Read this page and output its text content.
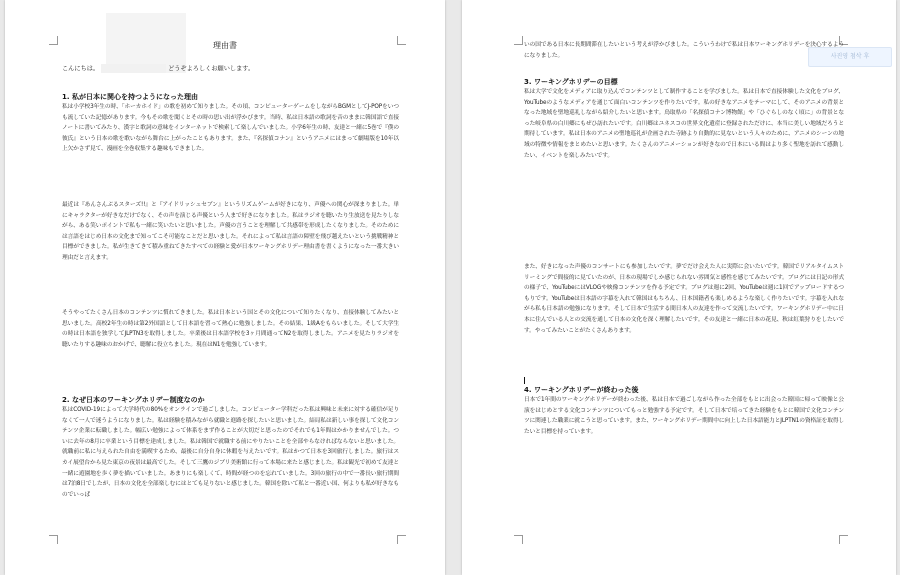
理由書
こんにちは。	どうぞよろしくお願いします。

1. 私が日本に関心を持つようになった理由

私は小学校3年生の時、「ホーカホイド」の歌を初めて知りました。その頃、コンピューターゲームをしながらBGMとしてJ-POPをいつも流していた記憶があります。今もその歌を聞くとその時の思い出が浮かびます。当時、私は日本語の歌詞を音のままに韓国語で直接ノートに書いてみたり、漢字と歌詞の意味をインターネットで検索して楽しんでいました。小学6年生の時、友達と一緒に5巻で『僕の彼氏』という日本の歌を歌いながら舞台に上がったこともあります。また、『名探偵コナン』というアニメにはまって劇場版を10年以上欠かさず見て、漫画を全巻収集する趣味もできました。

最近は『あんさんぶるスターズ!!』と『アイドリッシュセブン』というリズムゲームが好きになり、声優への関心が深まりました。単にキャラクターが好きなだけでなく、その声を演じる声優という人まで好きになりました。私はラジオを聴いたり生放送を見たりしながら、ある笑いポイントで私も一緒に笑いたいと思いました。声優の言うことを理解して共感帯を形成したくなりました。そのためには言語をはじめ日本の文化まで知ってこそ可能なことだと思いました。それによって私は言語の障壁を飛び越えたいという挑戦精神と目標ができました。私が生きてきて積み重ねてきたすべての経験と愛が日本ワーキングホリデー理由書を書くようになった一番大きい理由だと言えます。

そうやってたくさん日本のコンテンツに慣れてきました。私は日本という国とその文化について知りたくなり、直接体験してみたいと思いました。高校2年生の時は第2外国語として日本語を習って熱心に勉強しました。その結果、1級Aをもらいました。そして大学生の時は日本語を独学してJLPTN3を取得しました。卒業後は日本語学校を3ヶ月間通ってN2を取得しました。アニメを見たりラジオを聴いたりする趣味のおかげで、聴解に役立ちました。現在はN1を勉強しています。

2. なぜ日本のワーキングホリデー制度なのか

私はCOVID-19によって大学時代の80%をオンラインで過ごしました。コンピューター学科だった私は興味と未来に対する確信が足りなくて一人で迷うようになりました。私は経験を積みながら就職と進路を探したいと思いました。結局私は新しい事を探して文化コンテンツ企業に転職しました。幅広い勉強によって体系をまず作ることが大切だと思ったのでそれでも1年間はかかりませんでした。ついに去年の8月に卒業という目標を達成しました。私は韓国で就職する前にやりたいことを全部やらなければならないと思いました。就職前に私に与えられた自由を満喫するため、最後に自分自身に休暇を与えたいです。私はかつて日本を3回旅行しました。旅行はスカイ展望台から見た東京の夜景は最高でした。そして三鷹のジブリ美術館に行って本場に来たと感じました。私は観光で初めて友達と一緒に遊園地を歩く夢を描いていました。あまりにも楽しくて、時間が経つのを忘れていました。3回の旅行の中で一番長い旅行期間は7泊8日でしたが、日本の文化を全部楽しむにはとても足りないと感じました。韓国を除いて私と一番近い国、何よりも私が好きなものでいっぱ

사진영 첨삭 후

いの国である日本に長期間滞在したいという考えが浮かびました。こういうわけで私は日本ワーキングホリデーを決心するようになりました。

3. ワーキングホリデーの目標

私は大学で文化をメディアに取り込んでコンテンツとして制作することを学びました。私は日本で直接体験した文化をブログ、YouTubeのようなメディアを通じて面白いコンテンツを作りたいです。私の好きなアニメをテーマにして、そのアニメの背景となった地域を聖地巡礼しながら紹介したいと思います。鳥取県の「名探偵コナン博物館」や「ひぐらしのなく頃に」の背景となった岐阜県の白川郷にもぜひ訪れたいです。白川郷はユネスコの世界文化遺産に登録されただけに、本当に美しい地域だろうと期待しています。私は日本のアニメの聖地巡礼が企画された寺跡より自動的に見ないという人々のために、アニメのシーンの地域の特徴や情報をまとめたいと思います。たくさんのアニメーションが好きなので日本にいる間はより多く聖地を訪れて感動したい、イベントを楽しみたいです。

また、好きになった声優のコンサートにも参加したいです。夢でだけ会えた人に実際に会いたいです。韓国でリアルタイムストリーミングで間接的に見ていたのが、日本の現場でしか感じられない雰囲気と感性を感じてみたいです。ブログには日記の形式の様子で、YouTubeにはVLOGや映像コンテンツを作る予定です。ブログは週に2回、YouTubeは週に1回でアップロードするつもりです。YouTubeは日本語の字幕を入れて韓国はもちろん、日本国籍者も楽しめるような楽しく作りたいです。字幕を入れながら私も日本語の勉強になります。そして日本で生活する間日本人の友達を作って交流したいです。ワーキングホリデー中に日本に住んでいる人との交流を通して日本の文化を深く理解したいです。その友達と一緒に日本の花見、秋は紅葉狩りをしたいです。やってみたいことがたくさんあります。

4. ワーキングホリデーが終わった後

日本で1年間のワーキングホリデーが終わった後、私は日本で過ごしながら作った全部をもとに出会った韓国に帰って映像と公演をはじめとする文化コンテンツについてもっと勉強する予定です。そして日本で培ってきた経験をもとに韓国で文化コンテンツに関連した職業に就こうと思っています。また、ワーキングホリデー期間中に向上した日本語能力とJLPTN1の資格証を取得したいと目標を持っています。
